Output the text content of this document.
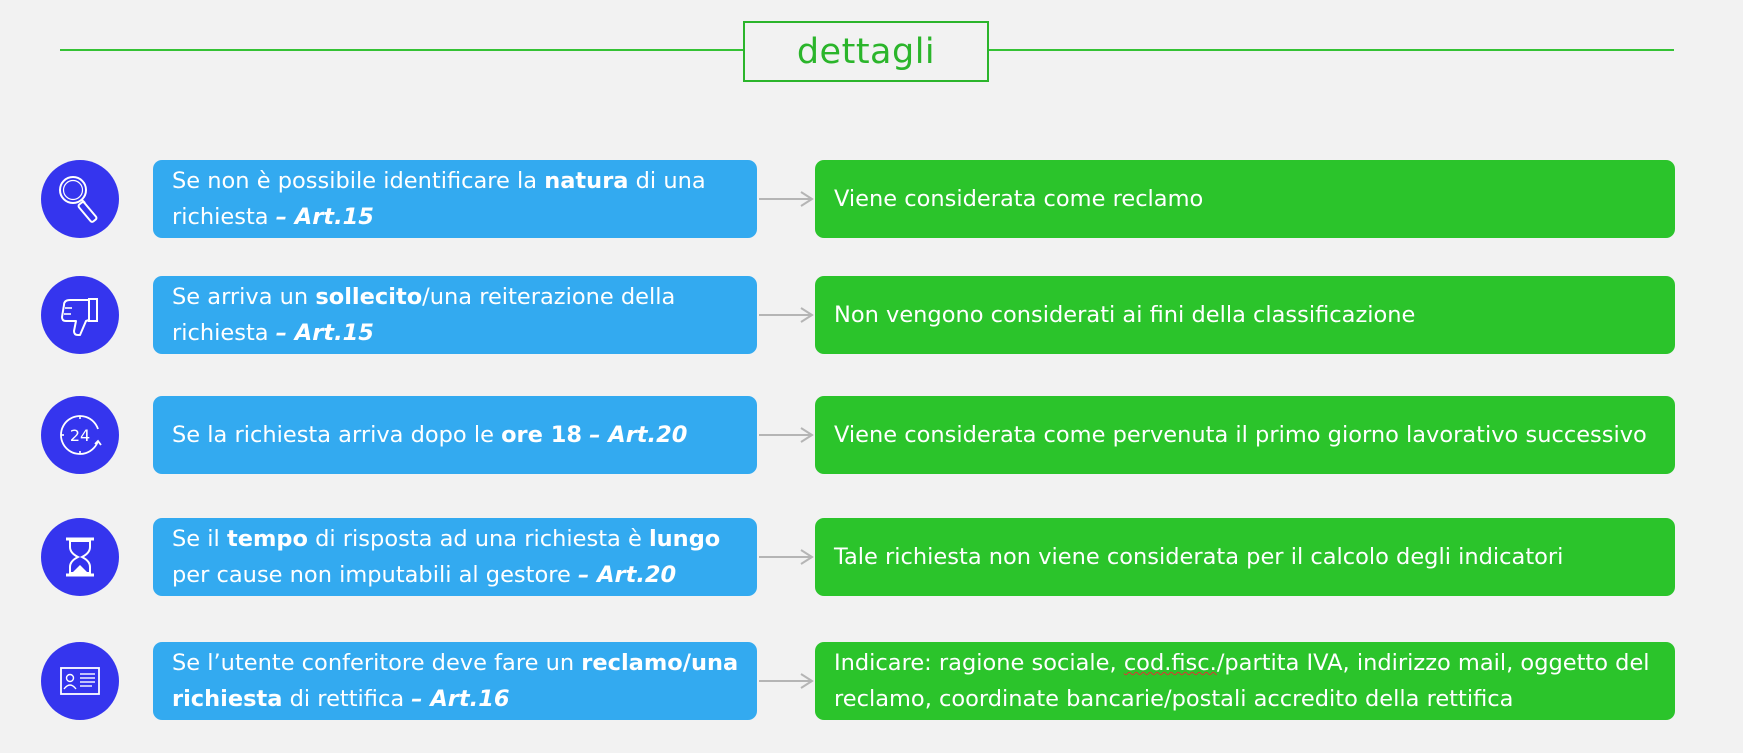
dettagli
Se non è possibile identificare la natura di una richiesta – Art.15
Viene considerata come reclamo
Se arriva un sollecito/una reiterazione della richiesta – Art.15
Non vengono considerati ai fini della classificazione
24	Se la richiesta arriva dopo le ore 18 – Art.20	Viene considerata come pervenuta il primo giorno lavorativo successivo
Se il tempo di risposta ad una richiesta è lungo per cause non imputabili al gestore – Art.20
Tale richiesta non viene considerata per il calcolo degli indicatori
Se l’utente conferitore deve fare un reclamo/una richiesta di rettifica – Art.16
Indicare: ragione sociale, cod.fisc./partita IVA, indirizzo mail, oggetto del reclamo, coordinate bancarie/postali accredito della rettifica
